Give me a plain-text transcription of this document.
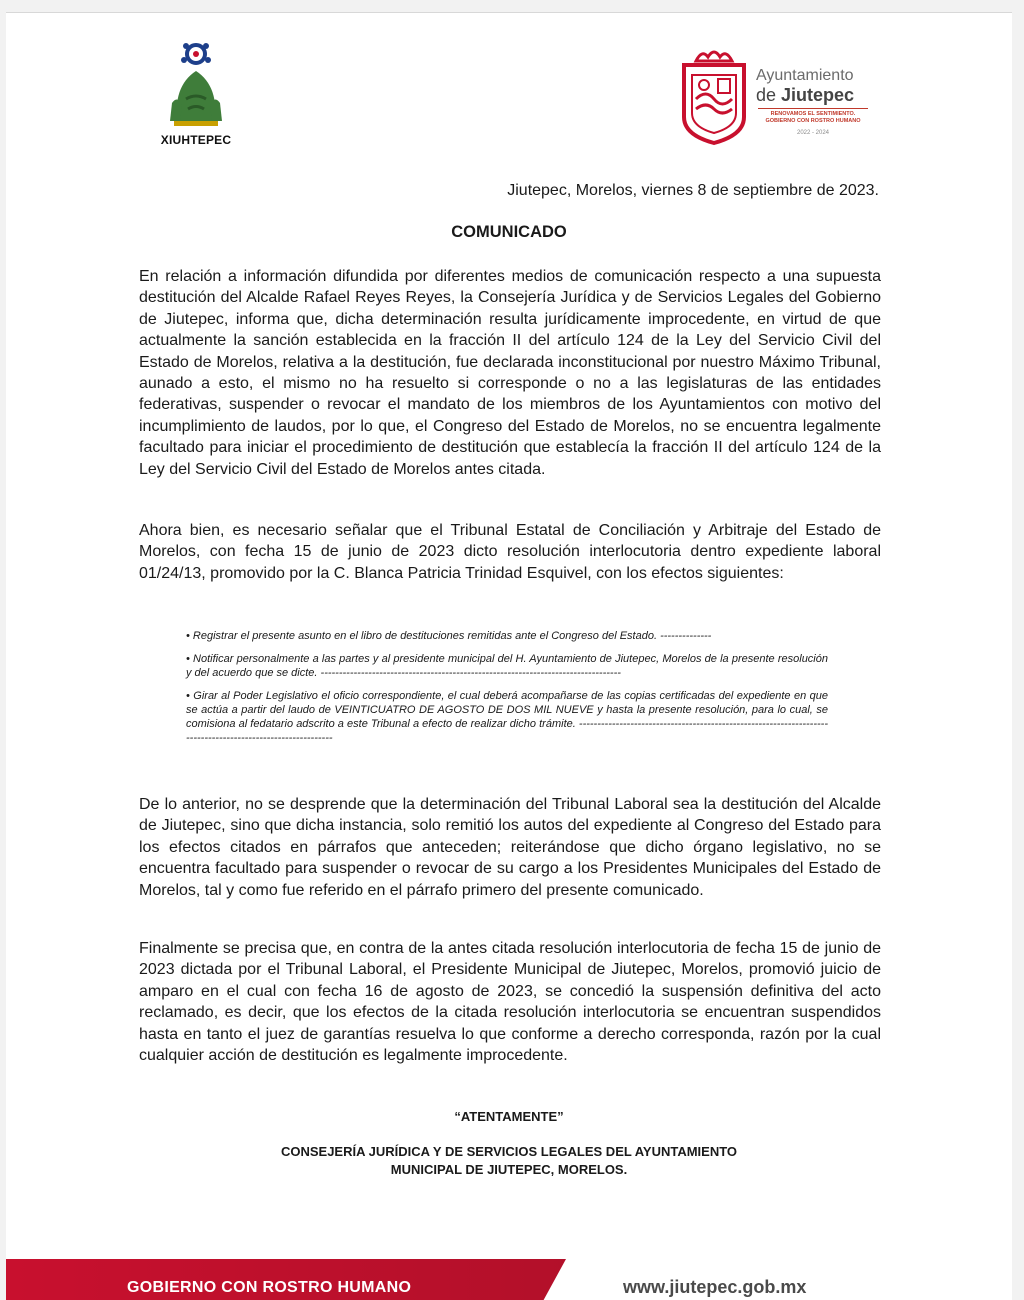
XIUHTEPEC
Ayuntamiento
de Jiutepec
RENOVAMOS EL SENTIMIENTO. GOBIERNO CON ROSTRO HUMANO
2022 - 2024
Jiutepec, Morelos, viernes 8 de septiembre de 2023.
COMUNICADO
En relación a información difundida por diferentes medios de comunicación respecto a una supuesta destitución del Alcalde Rafael Reyes Reyes, la Consejería Jurídica y de Servicios Legales del Gobierno de Jiutepec, informa que, dicha determinación resulta jurídicamente improcedente, en virtud de que actualmente la sanción establecida en la fracción II del artículo 124 de la Ley del Servicio Civil del Estado de Morelos, relativa a la destitución, fue declarada inconstitucional por nuestro Máximo Tribunal, aunado a esto, el mismo no ha resuelto si corresponde o no a las legislaturas de las entidades federativas, suspender o revocar el mandato de los miembros de los Ayuntamientos con motivo del incumplimiento de laudos, por lo que, el Congreso del Estado de Morelos, no se encuentra legalmente facultado para iniciar el procedimiento de destitución que establecía la fracción II del artículo 124 de la Ley del Servicio Civil del Estado de Morelos antes citada.
Ahora bien, es necesario señalar que el Tribunal Estatal de Conciliación y Arbitraje del Estado de Morelos, con fecha 15 de junio de 2023 dicto resolución interlocutoria dentro expediente laboral 01/24/13, promovido por la C. Blanca Patricia Trinidad Esquivel, con los efectos siguientes:
• Registrar el presente asunto en el libro de destituciones remitidas ante el Congreso del Estado. --------------
• Notificar personalmente a las partes y al presidente municipal del H. Ayuntamiento de Jiutepec, Morelos de la presente resolución y del acuerdo que se dicte. ----------------------------------------------------------------------------------
• Girar al Poder Legislativo el oficio correspondiente, el cual deberá acompañarse de las copias certificadas del expediente en que se actúa a partir del laudo de VEINTICUATRO DE AGOSTO DE DOS MIL NUEVE y hasta la presente resolución, para lo cual, se comisiona al fedatario adscrito a este Tribunal a efecto de realizar dicho trámite. ------------------------------------------------------------------------------------------------------------
De lo anterior, no se desprende que la determinación del Tribunal Laboral sea la destitución del Alcalde de Jiutepec, sino que dicha instancia, solo remitió los autos del expediente al Congreso del Estado para los efectos citados en párrafos que anteceden; reiterándose que dicho órgano legislativo, no se encuentra facultado para suspender o revocar de su cargo a los Presidentes Municipales del Estado de Morelos, tal y como fue referido en el párrafo primero del presente comunicado.
Finalmente se precisa que, en contra de la antes citada resolución interlocutoria de fecha 15 de junio de 2023 dictada por el Tribunal Laboral, el Presidente Municipal de Jiutepec, Morelos, promovió juicio de amparo en el cual con fecha 16 de agosto de 2023, se concedió la suspensión definitiva del acto reclamado, es decir, que los efectos de la citada resolución interlocutoria se encuentran suspendidos hasta en tanto el juez de garantías resuelva lo que conforme a derecho corresponda, razón por la cual cualquier acción de destitución es legalmente improcedente.
“ATENTAMENTE”
CONSEJERÍA JURÍDICA Y DE SERVICIOS LEGALES DEL AYUNTAMIENTO
MUNICIPAL DE JIUTEPEC, MORELOS.
GOBIERNO CON ROSTRO HUMANO	www.jiutepec.gob.mx
